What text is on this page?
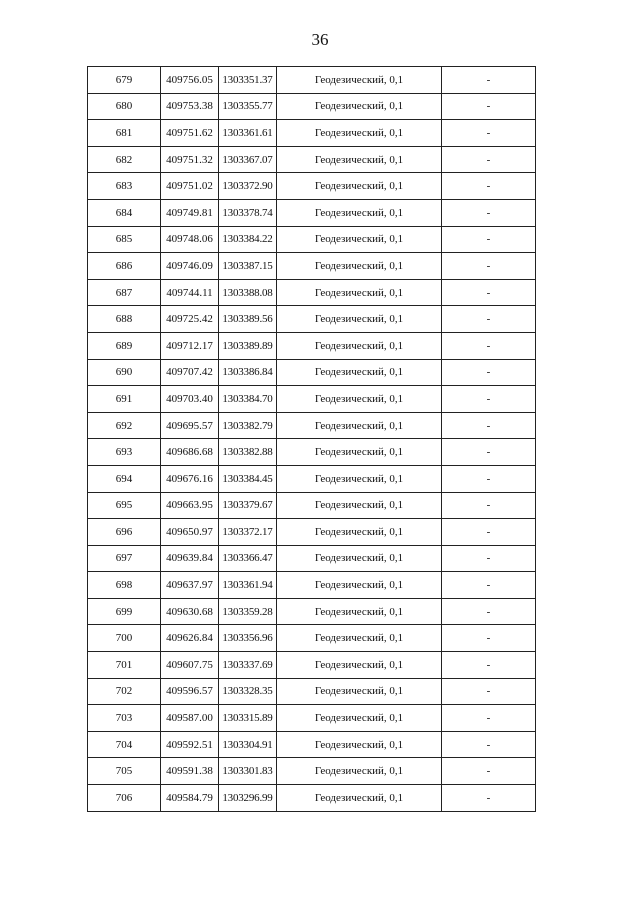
36
679	409756.05	1303351.37	Геодезический, 0,1	-
680	409753.38	1303355.77	Геодезический, 0,1	-
681	409751.62	1303361.61	Геодезический, 0,1	-
682	409751.32	1303367.07	Геодезический, 0,1	-
683	409751.02	1303372.90	Геодезический, 0,1	-
684	409749.81	1303378.74	Геодезический, 0,1	-
685	409748.06	1303384.22	Геодезический, 0,1	-
686	409746.09	1303387.15	Геодезический, 0,1	-
687	409744.11	1303388.08	Геодезический, 0,1	-
688	409725.42	1303389.56	Геодезический, 0,1	-
689	409712.17	1303389.89	Геодезический, 0,1	-
690	409707.42	1303386.84	Геодезический, 0,1	-
691	409703.40	1303384.70	Геодезический, 0,1	-
692	409695.57	1303382.79	Геодезический, 0,1	-
693	409686.68	1303382.88	Геодезический, 0,1	-
694	409676.16	1303384.45	Геодезический, 0,1	-
695	409663.95	1303379.67	Геодезический, 0,1	-
696	409650.97	1303372.17	Геодезический, 0,1	-
697	409639.84	1303366.47	Геодезический, 0,1	-
698	409637.97	1303361.94	Геодезический, 0,1	-
699	409630.68	1303359.28	Геодезический, 0,1	-
700	409626.84	1303356.96	Геодезический, 0,1	-
701	409607.75	1303337.69	Геодезический, 0,1	-
702	409596.57	1303328.35	Геодезический, 0,1	-
703	409587.00	1303315.89	Геодезический, 0,1	-
704	409592.51	1303304.91	Геодезический, 0,1	-
705	409591.38	1303301.83	Геодезический, 0,1	-
706	409584.79	1303296.99	Геодезический, 0,1	-
